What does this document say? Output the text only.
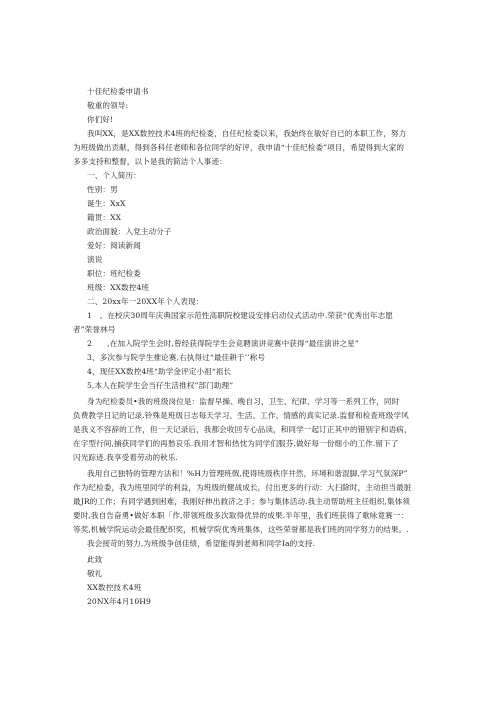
十佳纪检委申请书
敬重的领导:
你们好!
我叫XX，是XX数控技术4班的纪检委，自任纪检委以来，我始终在敏好自已的本职工作，努力
为班级做出贡献，得到各科任老师和各位同学的好评，我申请“十佳纪检委”项目，希望得到大家的
多多支持和整督，以卜是我的简洁个人事迹：
一、个人简历：
性别：男
诞生：XxX
籍贯：XX
政治面貌：入党主动分子
爱好：阅读新闻
演说
职位：班纪检委
班级：XX数控4班
二、20xx年一20XX年个人表现：
1　、在校庆30周年庆典国家示范性高职院校建设安排启动仪式活动中.荣获“优秀出年志愿
者”荣誉林号
2　　,在加入院学生会时,曾经获得院学生会竞聘演讲竞赛中获得“最佳演讲之星”
3、多次参与院学生推论赛,右执得过“最佳耕于’’称号
4、现任XX数控4班“助学金评定小祖“祖长
5,本人在院学生会当仔生活推权”部门助理”
身为纪检委员•我的班级岗位是：监督早操、晚自习、卫生、纪律、学习等一系列工作，同时
负费教学日记的记录.铃殊是班级日志每天学习、生活、工作、情感的真实记录.监督和检查班级学风
是我义不容辞的工作，但一天记录后，我都会收回专心品读，和同学一起订正其中的错别字和语病，
在字型行间,捕获同学们的再愁哀乐.我用才智和热忱为同学们服芬.做好每一份细小的工作.留下了
闪光踪迹.我享受着劳动的秋乐.
我用自己独特的管理方法和！%H力管理班戟,使得班级秩序井然，环境和谐混脚,学习气氛深P”
作为纪检委，我为班里同学的利益，为班级的健战成长，付出更多的行动：大扫除时，主动担当最脏
最JR的工作；有同学遇到困难，我刚好伸出救济之手；参与集体活动.我主动帮助班主任组织,集体须
要时,我自告奋勇•做好本职「作,带领班级多次取得优异的成果.半年里，我们班获得了歌咏竟赛一：
等奖,机械学院运动会最佳配织奖，机械学院优秀班集体，这些荣誉都是我们班的同学努力的结果。.
我会接苛的努力,为班级争创佳绩，希望能得到老师和同学Ia的支持.
此致
敬礼
XX数控技术4班
20NX年4月10H9
